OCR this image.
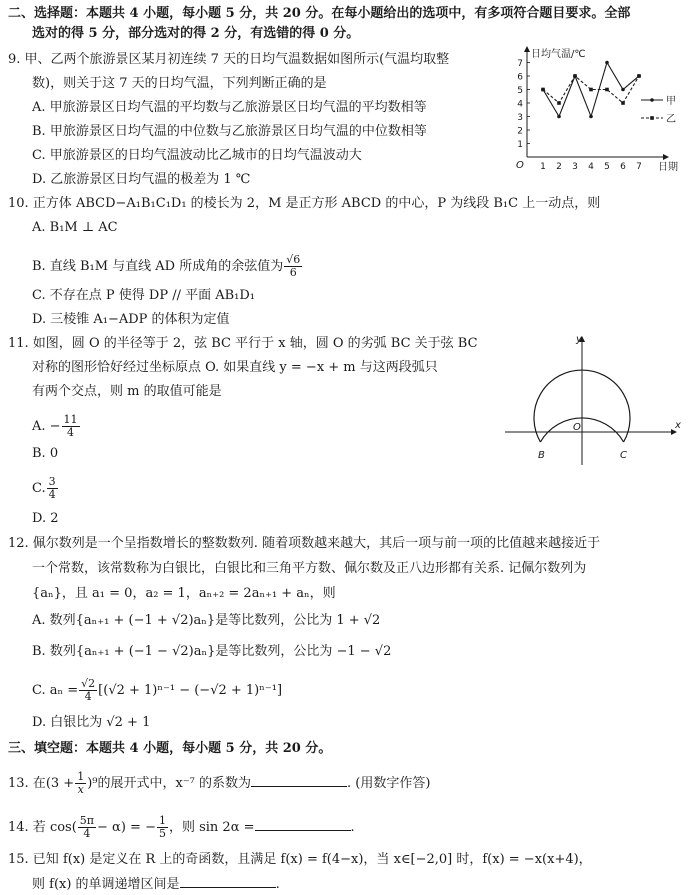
二、选择题：本题共 4 小题，每小题 5 分，共 20 分。在每小题给出的选项中，有多项符合题目要求。全部
选对的得 5 分，部分选对的得 2 分，有选错的得 0 分。
9. 甲、乙两个旅游景区某月初连续 7 天的日均气温数据如图所示(气温均取整
数)，则关于这 7 天的日均气温，下列判断正确的是
A. 甲旅游景区日均气温的平均数与乙旅游景区日均气温的平均数相等
B. 甲旅游景区日均气温的中位数与乙旅游景区日均气温的中位数相等
C. 甲旅游景区的日均气温波动比乙城市的日均气温波动大
D. 乙旅游景区日均气温的极差为 1 ℃
日均气温/℃
日期
O
1
2
3
4
5
6
7
1 2 3 4 5 6 7
甲
乙
10. 正方体 ABCD−A₁B₁C₁D₁ 的棱长为 2，M 是正方形 ABCD 的中心，P 为线段 B₁C 上一动点，则
A. B₁M ⊥ AC
B. 直线 B₁M 与直线 AD 所成角的余弦值为 $\frac{√6}{6}$
C. 不存在点 P 使得 DP // 平面 AB₁D₁
D. 三棱锥 A₁−ADP 的体积为定值
11. 如图，圆 O 的半径等于 2，弦 BC 平行于 x 轴，圆 O 的劣弧 BC 关于弦 BC
对称的图形恰好经过坐标原点 O. 如果直线 y = −x + m 与这两段弧只
有两个交点，则 m 的取值可能是
A. − $\frac{11}{4}$
B. 0
C. $\frac{3}{4}$
D. 2
y
x
O
B	C
12. 佩尔数列是一个呈指数增长的整数数列. 随着项数越来越大，其后一项与前一项的比值越来越接近于
一个常数，该常数称为白银比，白银比和三角平方数、佩尔数及正八边形都有关系. 记佩尔数列为
{aₙ}，且 a₁ = 0，a₂ = 1，aₙ₊₂ = 2aₙ₊₁ + aₙ，则
A. 数列{aₙ₊₁ + (−1 + √2)aₙ}是等比数列，公比为 1 + √2
B. 数列{aₙ₊₁ + (−1 − √2)aₙ}是等比数列，公比为 −1 − √2
C. $a_n = \frac{√2}{4} [(√2 + 1)^{n-1} - (-√2 + 1)^{n-1}]$
D. 白银比为 √2 + 1
三、填空题：本题共 4 小题，每小题 5 分，共 20 分。
13. 在$(3 + \frac{1}{x} )^9$的展开式中，x⁻⁷ 的系数为	. (用数字作答)
14. 若 $\cos( \frac{5\pi}{4} - \alpha)$ = − $\frac{1}{5}$ ，则 sin 2α =	.
15. 已知 f(x) 是定义在 R 上的奇函数，且满足 f(x) = f(4−x)，当 x∈[−2,0] 时，f(x) = −x(x+4)，
则 f(x) 的单调递增区间是	.
